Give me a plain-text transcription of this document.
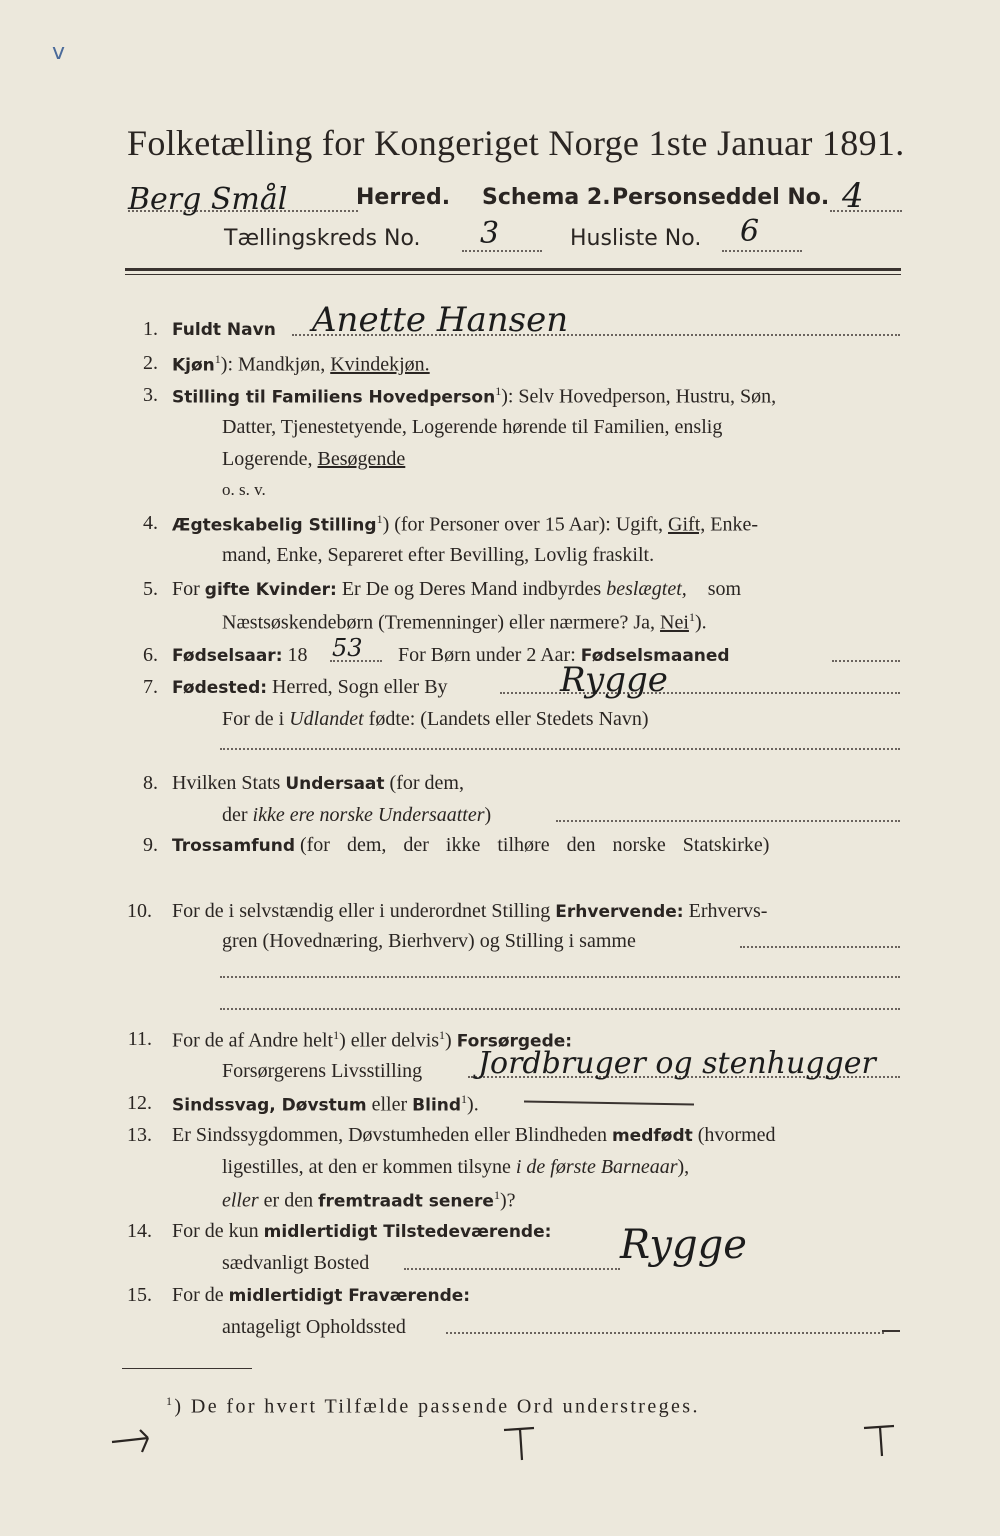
v
Folketælling for Kongeriget Norge 1ste Januar 1891.
Berg Smål	Herred. Schema 2. Personseddel No. 4
Tællingskreds No. 3	Husliste No. 6
1. Fuldt Navn Anette Hansen
2. Kjøn$^1$): Mandkjøn, Kvindekjøn.
3. Stilling til Familiens Hovedperson$^1$): Selv Hovedperson, Hustru, Søn,
Datter, Tjenestetyende, Logerende hørende til Familien, enslig
Logerende, Besøgende
o. s. v.
4. Ægteskabelig Stilling$^1$) (for Personer over 15 Aar): Ugift, Gift, Enke-
mand, Enke, Separeret efter Bevilling, Lovlig fraskilt.
5. For gifte Kvinder: Er De og Deres Mand indbyrdes beslægtet, som
Næstsøskendebørn (Tremenninger) eller nærmere? Ja, Nei$^1$).
6. Fødselsaar: 18 53 For Børn under 2 Aar: Fødselsmaaned
7. Fødested: Herred, Sogn eller By	Rygge
For de i Udlandet fødte: (Landets eller Stedets Navn)
8. Hvilken Stats Undersaat (for dem,
der ikke ere norske Undersaatter)
9. Trossamfund (for dem, der ikke tilhøre den norske Statskirke)
10. For de i selvstændig eller i underordnet Stilling Erhvervende: Erhvervs-
gren (Hovednæring, Bierhverv) og Stilling i samme
11. For de af Andre helt$^1$) eller delvis$^1$) Forsørgede:
Forsørgerens Livsstilling Jordbruger og stenhugger
12. Sindssvag, Døvstum eller Blind$^1$).
13. Er Sindssygdommen, Døvstumheden eller Blindheden medfødt (hvormed
ligestilles, at den er kommen tilsyne i de første Barneaar),
eller er den fremtraadt senere$^1$)?
14. For de kun midlertidigt Tilstedeværende:
sædvanligt Bosted	Rygge
15. For de midlertidigt Fraværende:
antageligt Opholdssted
$^1$) De for hvert Tilfælde passende Ord understreges.
